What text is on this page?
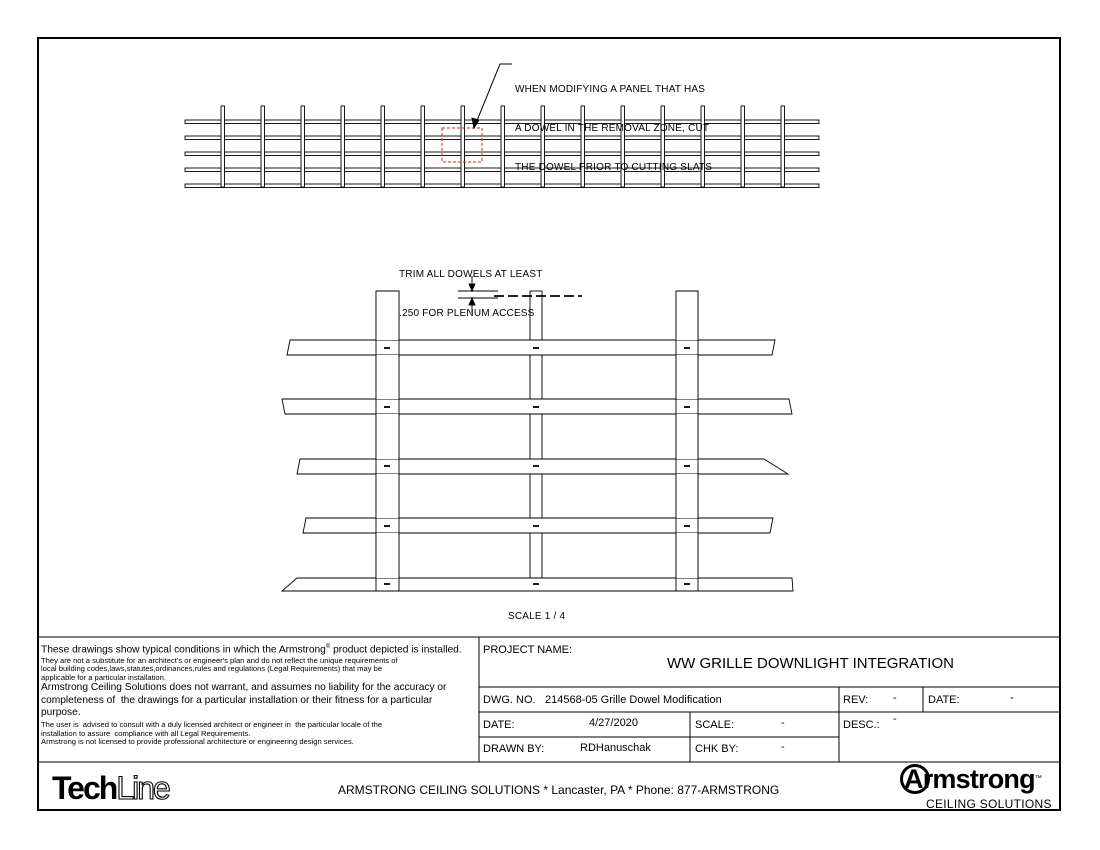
WHEN MODIFYING A PANEL THAT HAS

A DOWEL IN THE REMOVAL ZONE, CUT

THE DOWEL PRIOR TO CUTTING SLATS

TRIM ALL DOWELS AT LEAST

.250 FOR PLENUM ACCESS

SCALE 1 / 4
These drawings show typical conditions in which the Armstrong® product depicted is installed.
They are not a substitute for an architect's or engineer's plan and do not reflect the unique requirements of
local building codes,laws,statutes,ordinances,rules and regulations (Legal Requirements) that may be
applicable for a particular installation.
Armstrong Ceiling Solutions does not warrant, and assumes no liability for the accuracy or
completeness of  the drawings for a particular installation or their fitness for a particular
purpose.
The user is  advised to consult with a duly licensed architect or engineer in  the particular locale of the
installation to assure  compliance with all Legal Requirements.
Armstrong is not licensed to provide professional architecture or engineering design services.
PROJECT NAME:
WW GRILLE DOWNLIGHT INTEGRATION
DWG. NO. 214568-05 Grille Dowel Modification	REV: -	DATE:	-
DATE:	4/27/2020	SCALE:	-	DESC.: -
DRAWN BY:	RDHanuschak	CHK BY:	-
TechLine	ARMSTRONG CEILING SOLUTIONS * Lancaster, PA * Phone: 877-ARMSTRONG	Armstrong™
CEILING SOLUTIONS
